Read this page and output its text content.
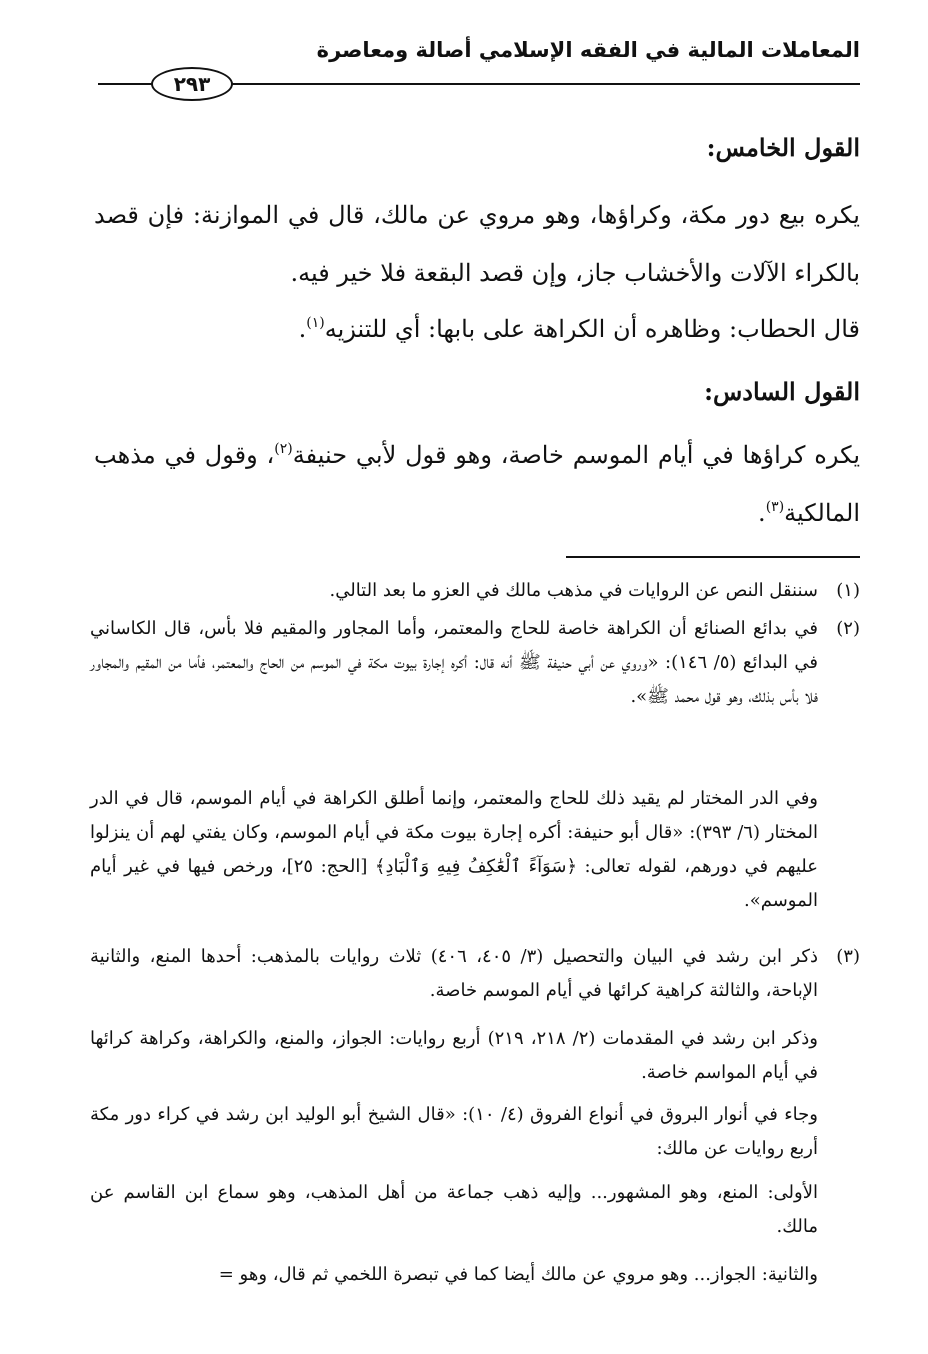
المعاملات المالية في الفقه الإسلامي أصالة ومعاصرة
٢٩٣
القول الخامس:
يكره بيع دور مكة، وكراؤها، وهو مروي عن مالك، قال في الموازنة: فإن قصد بالكراء الآلات والأخشاب جاز، وإن قصد البقعة فلا خير فيه.
قال الحطاب: وظاهره أن الكراهة على بابها: أي للتنزيه$^{(١)}$.
القول السادس:
يكره كراؤها في أيام الموسم خاصة، وهو قول لأبي حنيفة$^{(٢)}$، وقول في مذهب المالكية$^{(٣)}$.
(١)
سننقل النص عن الروايات في مذهب مالك في العزو ما بعد التالي.
(٢)
في بدائع الصنائع أن الكراهة خاصة للحاج والمعتمر، وأما المجاور والمقيم فلا بأس، قال الكاساني في البدائع (٥/ ١٤٦): «وروي عن أبي حنيفة ﷺ أنه قال: أكره إجارة بيوت مكة في الموسم من الحاج والمعتمر، فأما من المقيم والمجاور فلا بأس بذلك، وهو قول محمد ﷺ».
وفي الدر المختار لم يقيد ذلك للحاج والمعتمر، وإنما أطلق الكراهة في أيام الموسم، قال في الدر المختار (٦/ ٣٩٣): «قال أبو حنيفة: أكره إجارة بيوت مكة في أيام الموسم، وكان يفتي لهم أن ينزلوا عليهم في دورهم، لقوله تعالى: ﴿سَوَآءً ٱلْعَٰكِفُ فِيهِ وَٱلْبَادِ﴾ [الحج: ٢٥]، ورخص فيها في غير أيام الموسم».
(٣)
ذكر ابن رشد في البيان والتحصيل (٣/ ٤٠٥، ٤٠٦) ثلاث روايات بالمذهب: أحدها المنع، والثانية الإباحة، والثالثة كراهية كرائها في أيام الموسم خاصة.
وذكر ابن رشد في المقدمات (٢/ ٢١٨، ٢١٩) أربع روايات: الجواز، والمنع، والكراهة، وكراهة كرائها في أيام المواسم خاصة.
وجاء في أنوار البروق في أنواع الفروق (٤/ ١٠): «قال الشيخ أبو الوليد ابن رشد في كراء دور مكة أربع روايات عن مالك:
الأولى: المنع، وهو المشهور... وإليه ذهب جماعة من أهل المذهب، وهو سماع ابن القاسم عن مالك.
والثانية: الجواز... وهو مروي عن مالك أيضا كما في تبصرة اللخمي ثم قال، وهو =
